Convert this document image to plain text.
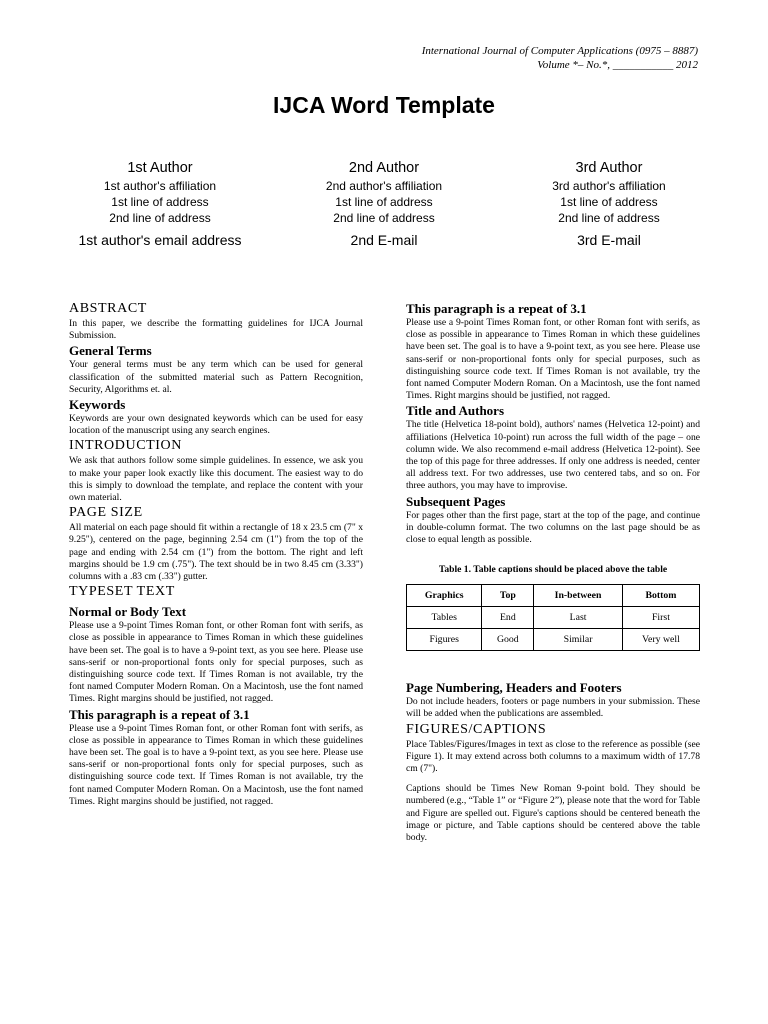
International Journal of Computer Applications (0975 – 8887)
Volume *– No.*, ___________ 2012
IJCA Word Template
1st Author
1st author's affiliation
1st line of address
2nd line of address
1st author's email address
2nd Author
2nd author's affiliation
1st line of address
2nd line of address
2nd E-mail
3rd Author
3rd author's affiliation
1st line of address
2nd line of address
3rd E-mail
ABSTRACT

In this paper, we describe the formatting guidelines for IJCA Journal Submission.

General Terms

Your general terms must be any term which can be used for general classification of the submitted material such as Pattern Recognition, Security, Algorithms et. al.

Keywords

Keywords are your own designated keywords which can be used for easy location of the manuscript using any search engines.

INTRODUCTION

We ask that authors follow some simple guidelines. In essence, we ask you to make your paper look exactly like this document. The easiest way to do this is simply to download the template, and replace the content with your own material.

PAGE SIZE

All material on each page should fit within a rectangle of 18 x 23.5 cm (7" x 9.25"), centered on the page, beginning 2.54 cm (1") from the top of the page and ending with 2.54 cm (1") from the bottom. The right and left margins should be 1.9 cm (.75"). The text should be in two 8.45 cm (3.33") columns with a .83 cm (.33") gutter.

TYPESET TEXT
Normal or Body Text

Please use a 9-point Times Roman font, or other Roman font with serifs, as close as possible in appearance to Times Roman in which these guidelines have been set. The goal is to have a 9-point text, as you see here. Please use sans-serif or non-proportional fonts only for special purposes, such as distinguishing source code text. If Times Roman is not available, try the font named Computer Modern Roman. On a Macintosh, use the font named Times. Right margins should be justified, not ragged.

This paragraph is a repeat of 3.1

Please use a 9-point Times Roman font, or other Roman font with serifs, as close as possible in appearance to Times Roman in which these guidelines have been set. The goal is to have a 9-point text, as you see here. Please use sans-serif or non-proportional fonts only for special purposes, such as distinguishing source code text. If Times Roman is not available, try the font named Computer Modern Roman. On a Macintosh, use the font named Times. Right margins should be justified, not ragged.

This paragraph is a repeat of 3.1

Please use a 9-point Times Roman font, or other Roman font with serifs, as close as possible in appearance to Times Roman in which these guidelines have been set. The goal is to have a 9-point text, as you see here. Please use sans-serif or non-proportional fonts only for special purposes, such as distinguishing source code text. If Times Roman is not available, try the font named Computer Modern Roman. On a Macintosh, use the font named Times. Right margins should be justified, not ragged.

Title and Authors

The title (Helvetica 18-point bold), authors' names (Helvetica 12-point) and affiliations (Helvetica 10-point) run across the full width of the page – one column wide. We also recommend e-mail address (Helvetica 12-point). See the top of this page for three addresses. If only one address is needed, center all address text. For two addresses, use two centered tabs, and so on. For three authors, you may have to improvise.

Subsequent Pages

For pages other than the first page, start at the top of the page, and continue in double-column format. The two columns on the last page should be as close to equal length as possible.

Table 1. Table captions should be placed above the table

Graphics	Top	In-between	Bottom
Tables	End	Last	First
Figures	Good	Similar	Very well
Page Numbering, Headers and Footers

Do not include headers, footers or page numbers in your submission. These will be added when the publications are assembled.

FIGURES/CAPTIONS

Place Tables/Figures/Images in text as close to the reference as possible (see Figure 1). It may extend across both columns to a maximum width of 17.78 cm (7").

Captions should be Times New Roman 9-point bold. They should be numbered (e.g., “Table 1” or “Figure 2”), please note that the word for Table and Figure are spelled out. Figure's captions should be centered beneath the image or picture, and Table captions should be centered above the table body.
